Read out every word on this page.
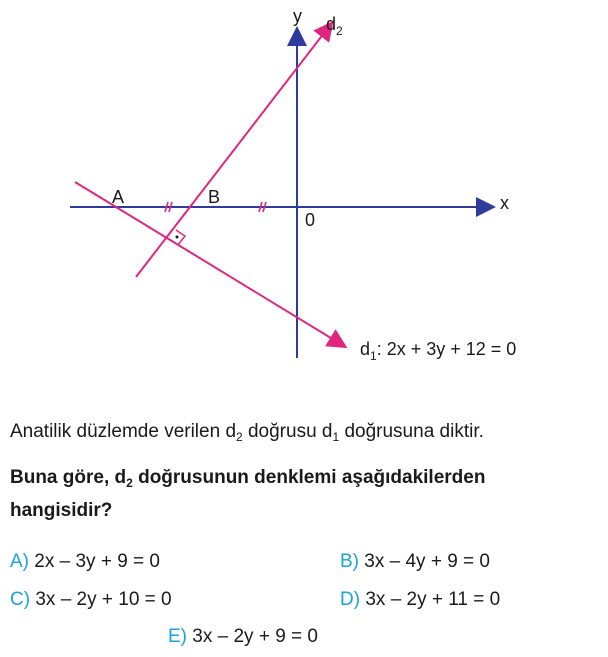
x
y
0
A	B
$d_2$
$d_1$: 2x + 3y + 12 = 0
Anatilik düzlemde verilen $d_2$ doğrusu $d_1$ doğrusuna diktir.
Buna göre, $d_2$ doğrusunun denklemi aşağıdakilerden
hangisidir?
A) 2x – 3y + 9 = 0	B) 3x – 4y + 9 = 0
C) 3x – 2y + 10 = 0	D) 3x – 2y + 11 = 0
E) 3x – 2y + 9 = 0
